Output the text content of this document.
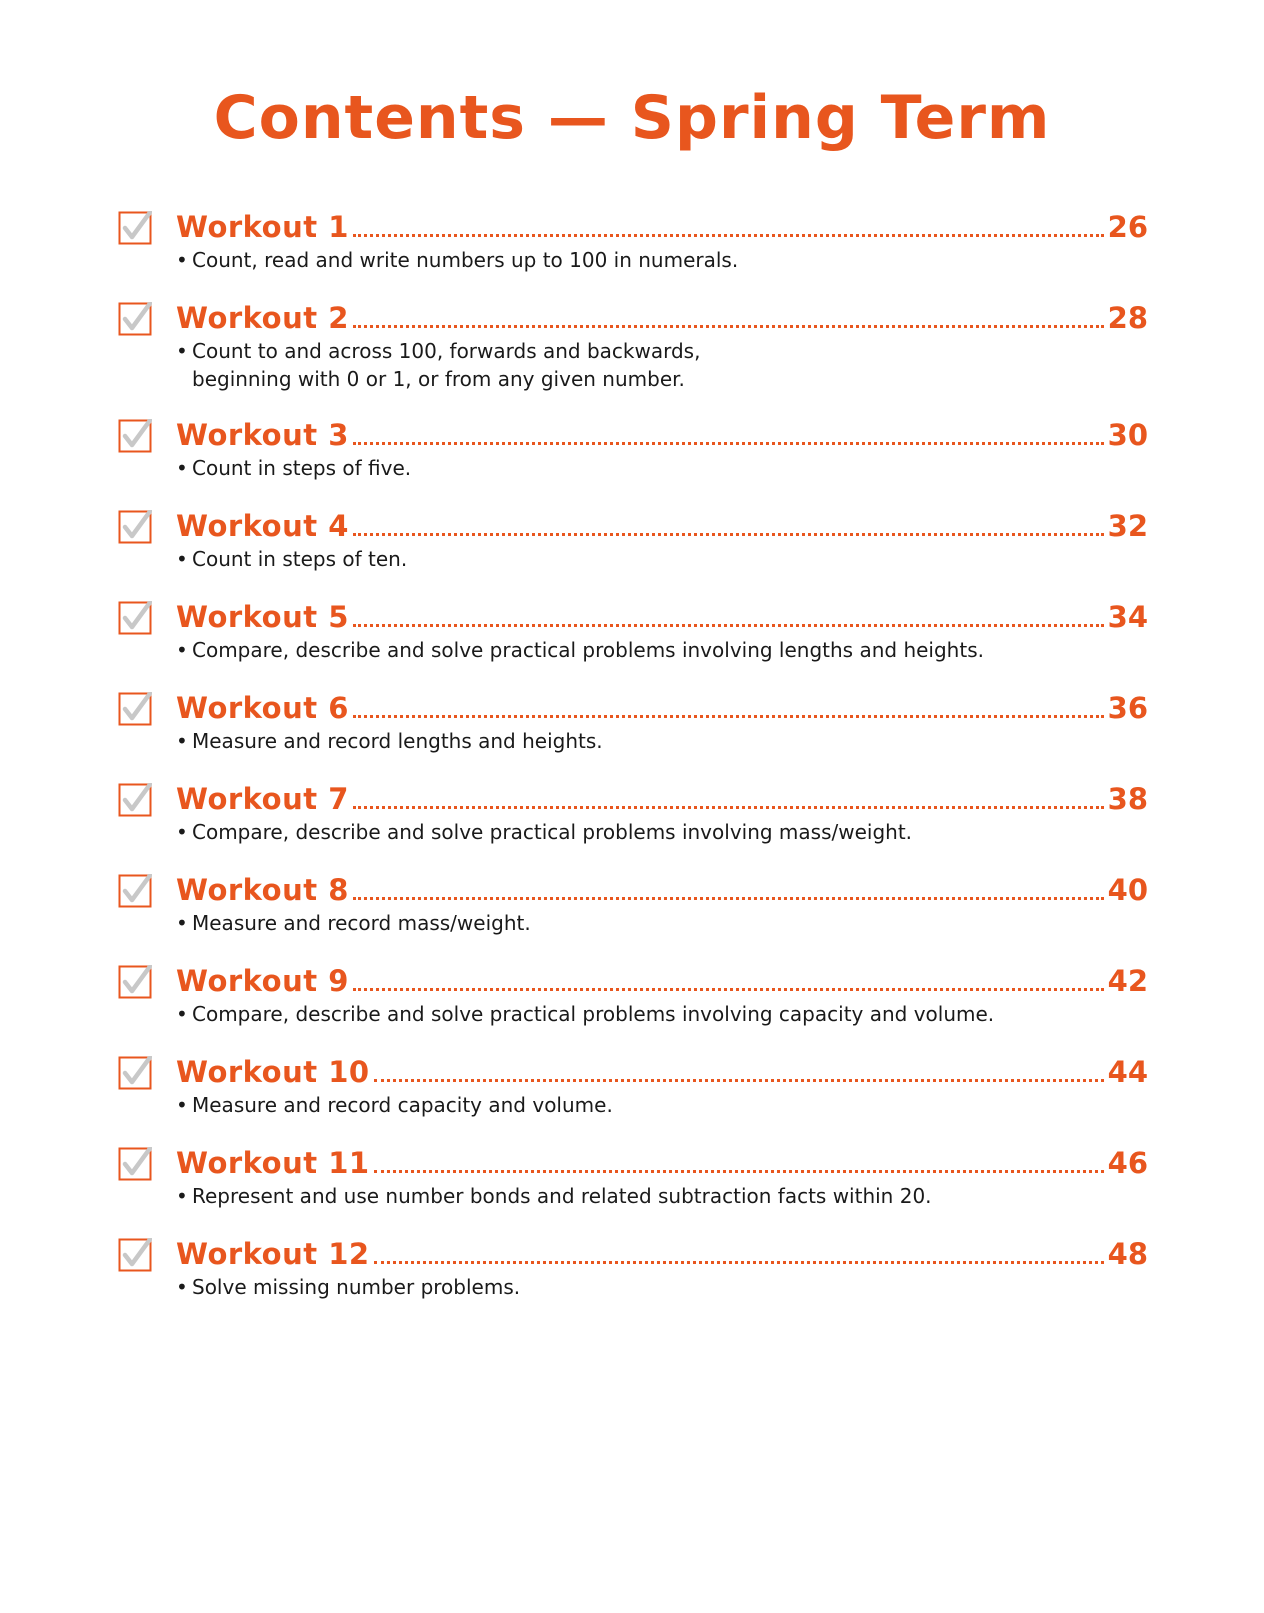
Contents — Spring Term
Workout 1	26
• Count, read and write numbers up to 100 in numerals.
Workout 2	28
• Count to and across 100, forwards and backwards,
beginning with 0 or 1, or from any given number.
Workout 3	30
• Count in steps of five.
Workout 4	32
• Count in steps of ten.
Workout 5	34
• Compare, describe and solve practical problems involving lengths and heights.
Workout 6	36
• Measure and record lengths and heights.
Workout 7	38
• Compare, describe and solve practical problems involving mass/weight.
Workout 8	40
• Measure and record mass/weight.
Workout 9	42
• Compare, describe and solve practical problems involving capacity and volume.
Workout 10	44
• Measure and record capacity and volume.
Workout 11	46
• Represent and use number bonds and related subtraction facts within 20.
Workout 12	48
• Solve missing number problems.
